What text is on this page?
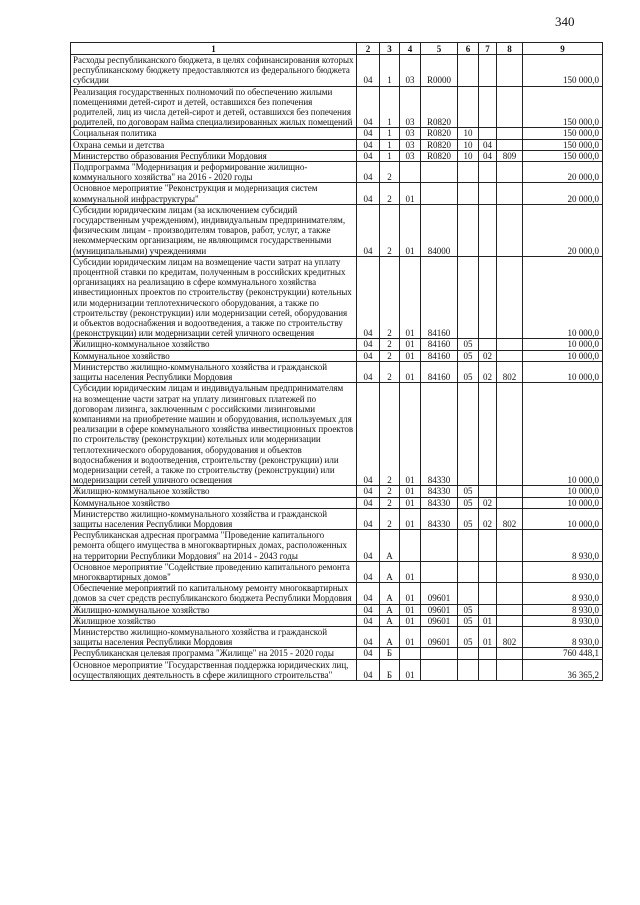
340
1	2	3	4	5	6	7	8	9
Расходы республиканского бюджета, в целях софинансирования которых республиканскому бюджету предоставляются из федерального бюджета субсидии	04	1	03	R0000				150 000,0
Реализация государственных полномочий по обеспечению жилыми помещениями детей-сирот и детей, оставшихся без попечения родителей, лиц из числа детей-сирот и детей, оставшихся без попечения родителей, по договорам найма специализированных жилых помещений	04	1	03	R0820				150 000,0
Социальная политика	04	1	03	R0820	10			150 000,0
Охрана семьи и детства	04	1	03	R0820	10	04		150 000,0
Министерство образования Республики Мордовия	04	1	03	R0820	10	04	809	150 000,0
Подпрограмма "Модернизация и реформирование жилищно-коммунального хозяйства" на 2016 - 2020 годы	04	2						20 000,0
Основное мероприятие "Реконструкция и модернизация систем коммунальной инфраструктуры"	04	2	01					20 000,0
Субсидии юридическим лицам (за исключением субсидий государственным учреждениям), индивидуальным предпринимателям, физическим лицам - производителям товаров, работ, услуг, а также некоммерческим организациям, не являющимся государственными (муниципальными) учреждениями	04	2	01	84000				20 000,0
Субсидии юридическим лицам на возмещение части затрат на уплату процентной ставки по кредитам, полученным в российских кредитных организациях на реализацию в сфере коммунального хозяйства инвестиционных проектов по строительству (реконструкции) котельных или модернизации теплотехнического оборудования, а также по строительству (реконструкции) или модернизации сетей, оборудования и объектов водоснабжения и водоотведения, а также по строительству (реконструкции) или модернизации сетей уличного освещения	04	2	01	84160				10 000,0
Жилищно-коммунальное хозяйство	04	2	01	84160	05			10 000,0
Коммунальное хозяйство	04	2	01	84160	05	02		10 000,0
Министерство жилищно-коммунального хозяйства и гражданской защиты населения Республики Мордовия	04	2	01	84160	05	02	802	10 000,0
Субсидии юридическим лицам и индивидуальным предпринимателям на возмещение части затрат на уплату лизинговых платежей по договорам лизинга, заключенным с российскими лизинговыми компаниями на приобретение машин и оборудования, используемых для реализации в сфере коммунального хозяйства инвестиционных проектов по строительству (реконструкции) котельных или модернизации теплотехнического оборудования, оборудования и объектов водоснабжения и водоотведения, строительству (реконструкции) или модернизации сетей, а также по строительству (реконструкции) или модернизации сетей уличного освещения	04	2	01	84330				10 000,0
Жилищно-коммунальное хозяйство	04	2	01	84330	05			10 000,0
Коммунальное хозяйство	04	2	01	84330	05	02		10 000,0
Министерство жилищно-коммунального хозяйства и гражданской защиты населения Республики Мордовия	04	2	01	84330	05	02	802	10 000,0
Республиканская адресная программа "Проведение капитального ремонта общего имущества в многоквартирных домах, расположенных на территории Республики Мордовия" на 2014 - 2043 годы	04	А						8 930,0
Основное мероприятие "Содействие проведению капитального ремонта многоквартирных домов"	04	А	01					8 930,0
Обеспечение мероприятий по капитальному ремонту многоквартирных домов за счет средств республиканского бюджета Республики Мордовия	04	А	01	09601				8 930,0
Жилищно-коммунальное хозяйство	04	А	01	09601	05			8 930,0
Жилищное хозяйство	04	А	01	09601	05	01		8 930,0
Министерство жилищно-коммунального хозяйства и гражданской защиты населения Республики Мордовия	04	А	01	09601	05	01	802	8 930,0
Республиканская целевая программа "Жилище" на 2015 - 2020 годы	04	Б						760 448,1
Основное мероприятие "Государственная поддержка юридических лиц, осуществляющих деятельность в сфере жилищного строительства"	04	Б	01					36 365,2
